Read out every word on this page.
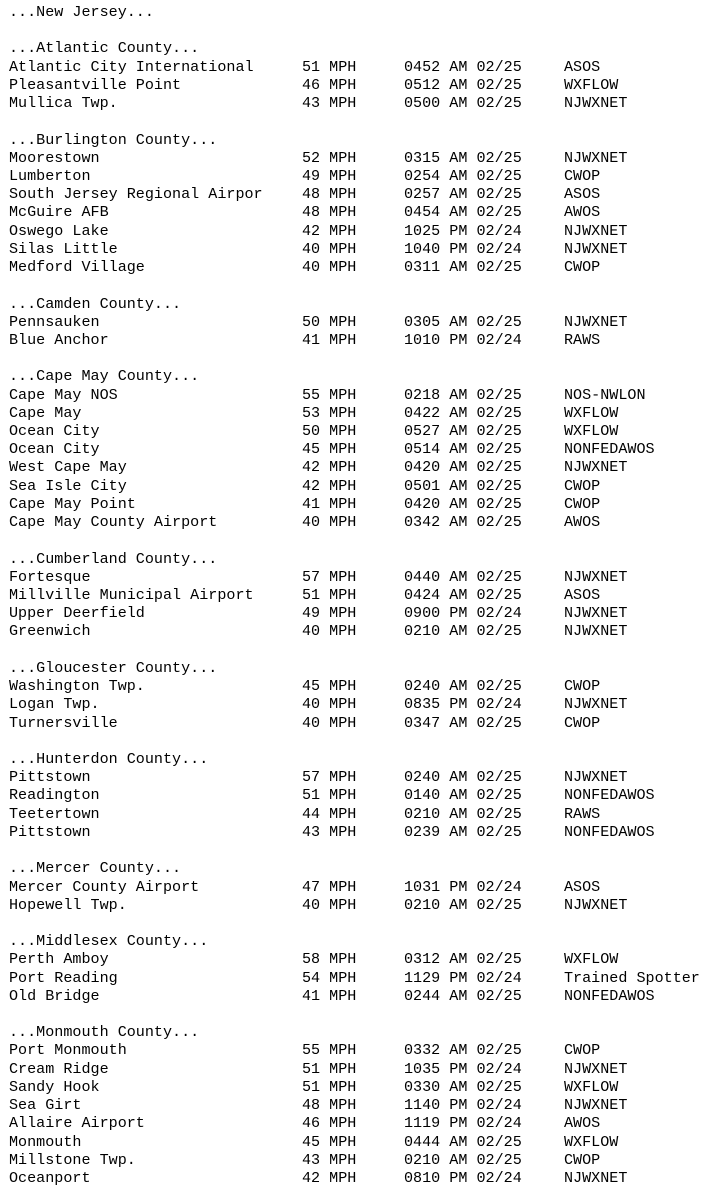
...New Jersey...
...Atlantic County...
Atlantic City International	51 MPH	0452 AM 02/25	ASOS
Pleasantville Point	46 MPH	0512 AM 02/25	WXFLOW
Mullica Twp.	43 MPH	0500 AM 02/25	NJWXNET
...Burlington County...
Moorestown	52 MPH	0315 AM 02/25	NJWXNET
Lumberton	49 MPH	0254 AM 02/25	CWOP
South Jersey Regional Airpor	48 MPH	0257 AM 02/25	ASOS
McGuire AFB	48 MPH	0454 AM 02/25	AWOS
Oswego Lake	42 MPH	1025 PM 02/24	NJWXNET
Silas Little	40 MPH	1040 PM 02/24	NJWXNET
Medford Village	40 MPH	0311 AM 02/25	CWOP
...Camden County...
Pennsauken	50 MPH	0305 AM 02/25	NJWXNET
Blue Anchor	41 MPH	1010 PM 02/24	RAWS
...Cape May County...
Cape May NOS	55 MPH	0218 AM 02/25	NOS-NWLON
Cape May	53 MPH	0422 AM 02/25	WXFLOW
Ocean City	50 MPH	0527 AM 02/25	WXFLOW
Ocean City	45 MPH	0514 AM 02/25	NONFEDAWOS
West Cape May	42 MPH	0420 AM 02/25	NJWXNET
Sea Isle City	42 MPH	0501 AM 02/25	CWOP
Cape May Point	41 MPH	0420 AM 02/25	CWOP
Cape May County Airport	40 MPH	0342 AM 02/25	AWOS
...Cumberland County...
Fortesque	57 MPH	0440 AM 02/25	NJWXNET
Millville Municipal Airport	51 MPH	0424 AM 02/25	ASOS
Upper Deerfield	49 MPH	0900 PM 02/24	NJWXNET
Greenwich	40 MPH	0210 AM 02/25	NJWXNET
...Gloucester County...
Washington Twp.	45 MPH	0240 AM 02/25	CWOP
Logan Twp.	40 MPH	0835 PM 02/24	NJWXNET
Turnersville	40 MPH	0347 AM 02/25	CWOP
...Hunterdon County...
Pittstown	57 MPH	0240 AM 02/25	NJWXNET
Readington	51 MPH	0140 AM 02/25	NONFEDAWOS
Teetertown	44 MPH	0210 AM 02/25	RAWS
Pittstown	43 MPH	0239 AM 02/25	NONFEDAWOS
...Mercer County...
Mercer County Airport	47 MPH	1031 PM 02/24	ASOS
Hopewell Twp.	40 MPH	0210 AM 02/25	NJWXNET
...Middlesex County...
Perth Amboy	58 MPH	0312 AM 02/25	WXFLOW
Port Reading	54 MPH	1129 PM 02/24	Trained Spotter
Old Bridge	41 MPH	0244 AM 02/25	NONFEDAWOS
...Monmouth County...
Port Monmouth	55 MPH	0332 AM 02/25	CWOP
Cream Ridge	51 MPH	1035 PM 02/24	NJWXNET
Sandy Hook	51 MPH	0330 AM 02/25	WXFLOW
Sea Girt	48 MPH	1140 PM 02/24	NJWXNET
Allaire Airport	46 MPH	1119 PM 02/24	AWOS
Monmouth	45 MPH	0444 AM 02/25	WXFLOW
Millstone Twp.	43 MPH	0210 AM 02/25	CWOP
Oceanport	42 MPH	0810 PM 02/24	NJWXNET
